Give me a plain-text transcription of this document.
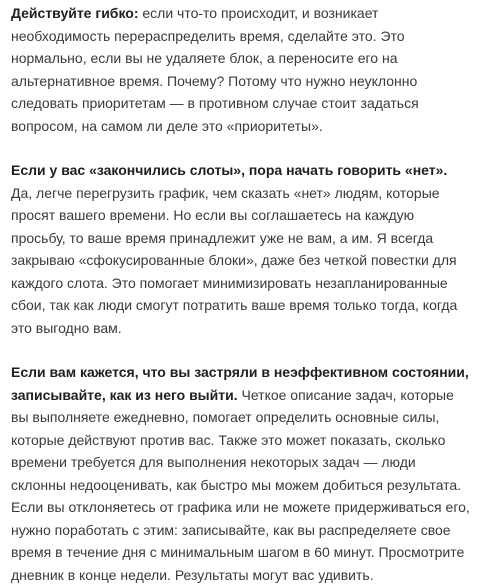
Действуйте гибко: если что-то происходит, и возникает необходимость перераспределить время, сделайте это. Это нормально, если вы не удаляете блок, а переносите его на альтернативное время. Почему? Потому что нужно неуклонно следовать приоритетам — в противном случае стоит задаться вопросом, на самом ли деле это «приоритеты».

Если у вас «закончились слоты», пора начать говорить «нет». Да, легче перегрузить график, чем сказать «нет» людям, которые просят вашего времени. Но если вы соглашаетесь на каждую просьбу, то ваше время принадлежит уже не вам, а им. Я всегда закрываю «сфокусированные блоки», даже без четкой повестки для каждого слота. Это помогает минимизировать незапланированные сбои, так как люди смогут потратить ваше время только тогда, когда это выгодно вам.

Если вам кажется, что вы застряли в неэффективном состоянии, записывайте, как из него выйти. Четкое описание задач, которые вы выполняете ежедневно, помогает определить основные силы, которые действуют против вас. Также это может показать, сколько времени требуется для выполнения некоторых задач — люди склонны недооценивать, как быстро мы можем добиться результата. Если вы отклоняетесь от графика или не можете придерживаться его, нужно поработать с этим: записывайте, как вы распределяете свое время в течение дня с минимальным шагом в 60 минут. Просмотрите дневник в конце недели. Результаты могут вас удивить.
